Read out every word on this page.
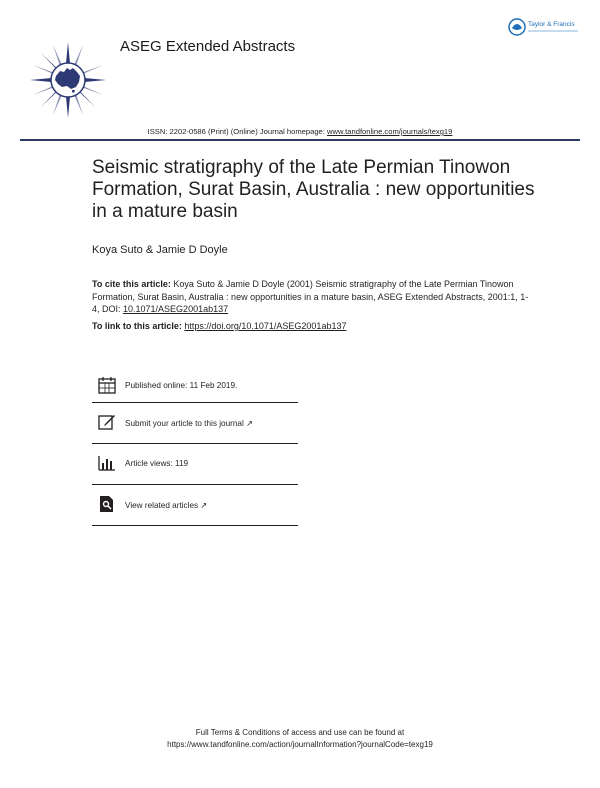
ASEG Extended Abstracts
Taylor & Francis
ISSN: 2202-0586 (Print) (Online) Journal homepage: www.tandfonline.com/journals/texg19
Seismic stratigraphy of the Late Permian Tinowon Formation, Surat Basin, Australia : new opportunities in a mature basin
Koya Suto & Jamie D Doyle
To cite this article: Koya Suto & Jamie D Doyle (2001) Seismic stratigraphy of the Late Permian Tinowon Formation, Surat Basin, Australia : new opportunities in a mature basin, ASEG Extended Abstracts, 2001:1, 1-4, DOI: 10.1071/ASEG2001ab137
To link to this article: https://doi.org/10.1071/ASEG2001ab137
Published online: 11 Feb 2019.
Submit your article to this journal ↗
Article views: 119
View related articles ↗
Full Terms & Conditions of access and use can be found at
https://www.tandfonline.com/action/journalInformation?journalCode=texg19
